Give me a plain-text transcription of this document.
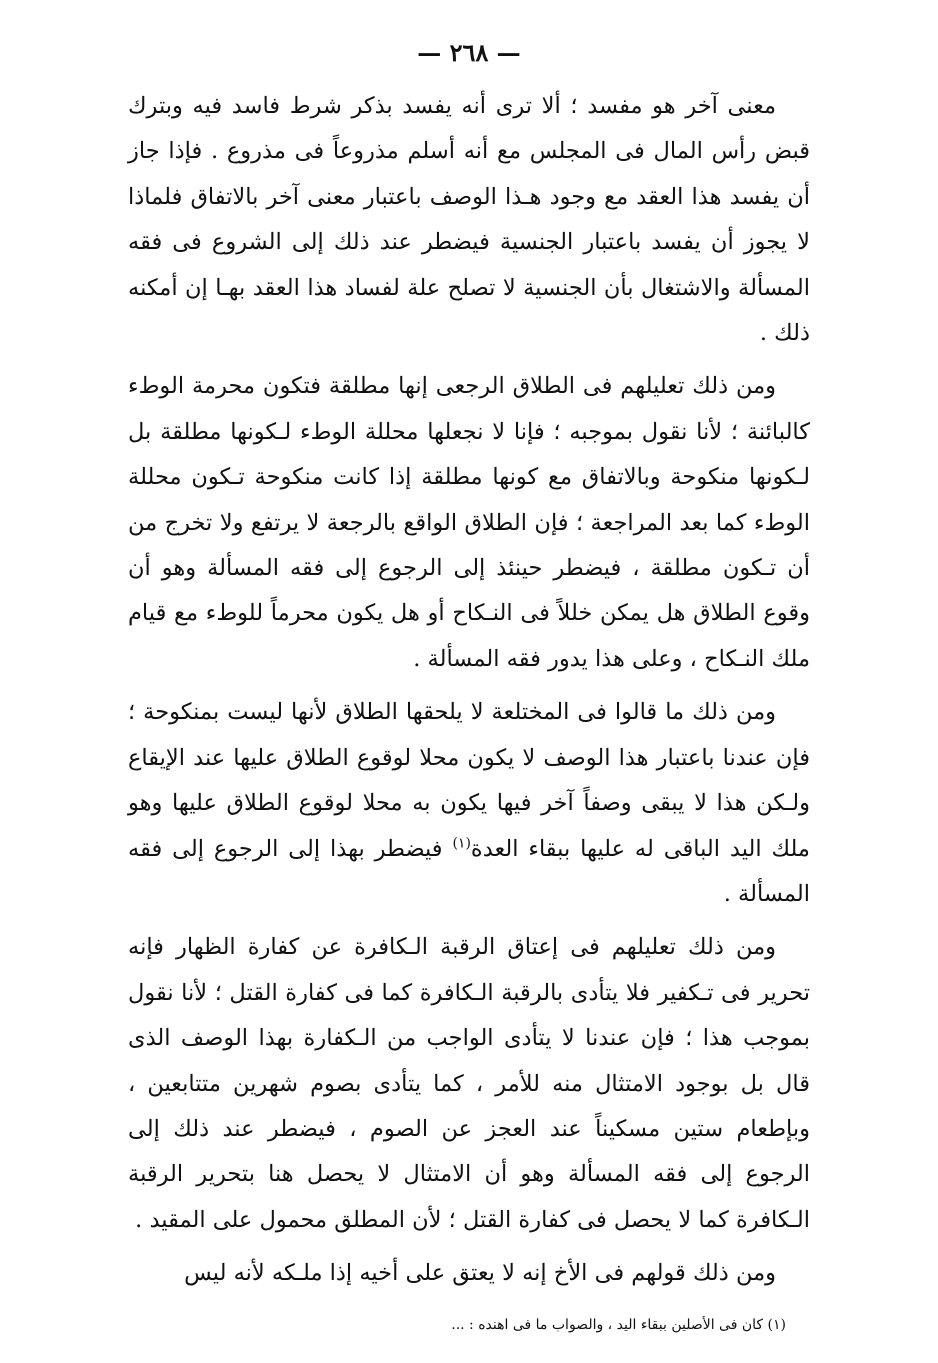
— ٢٦٨ —

معنى آخر هو مفسد ؛ ألا ترى أنه يفسد بذكر شرط فاسد فيه وبترك قبض رأس المال فى المجلس مع أنه أسلم مذروعاً فى مذروع . فإذا جاز أن يفسد هذا العقد مع وجود هـذا الوصف باعتبار معنى آخر بالاتفاق فلماذا لا يجوز أن يفسد باعتبار الجنسية فيضطر عند ذلك إلى الشروع فى فقه المسألة والاشتغال بأن الجنسية لا تصلح علة لفساد هذا العقد بهـا إن أمكنه ذلك .

ومن ذلك تعليلهم فى الطلاق الرجعى إنها مطلقة فتكون محرمة الوطء كالبائنة ؛ لأنا نقول بموجبه ؛ فإنا لا نجعلها محللة الوطء لـكونها مطلقة بل لـكونها منكوحة وبالاتفاق مع كونها مطلقة إذا كانت منكوحة تـكون محللة الوطء كما بعد المراجعة ؛ فإن الطلاق الواقع بالرجعة لا يرتفع ولا تخرج من أن تـكون مطلقة ، فيضطر حينئذ إلى الرجوع إلى فقه المسألة وهو أن وقوع الطلاق هل يمكن خللاً فى النـكاح أو هل يكون محرماً للوطء مع قيام ملك النـكاح ، وعلى هذا يدور فقه المسألة .

ومن ذلك ما قالوا فى المختلعة لا يلحقها الطلاق لأنها ليست بمنكوحة ؛ فإن عندنا باعتبار هذا الوصف لا يكون محلا لوقوع الطلاق عليها عند الإيقاع ولـكن هذا لا يبقى وصفاً آخر فيها يكون به محلا لوقوع الطلاق عليها وهو ملك اليد الباقى له عليها ببقاء العدة$^{(١)}$ فيضطر بهذا إلى الرجوع إلى فقه المسألة .

ومن ذلك تعليلهم فى إعتاق الرقبة الـكافرة عن كفارة الظهار فإنه تحرير فى تـكفير فلا يتأدى بالرقبة الـكافرة كما فى كفارة القتل ؛ لأنا نقول بموجب هذا ؛ فإن عندنا لا يتأدى الواجب من الـكفارة بهذا الوصف الذى قال بل بوجود الامتثال منه للأمر ، كما يتأدى بصوم شهرين متتابعين ، وبإطعام ستين مسكيناً عند العجز عن الصوم ، فيضطر عند ذلك إلى الرجوع إلى فقه المسألة وهو أن الامتثال لا يحصل هنا بتحرير الرقبة الـكافرة كما لا يحصل فى كفارة القتل ؛ لأن المطلق محمول على المقيد .

ومن ذلك قولهم فى الأخ إنه لا يعتق على أخيه إذا ملـكه لأنه ليس

(١) كان فى الأصلين ببقاء اليد ، والصواب ما فى اهنده : ...
